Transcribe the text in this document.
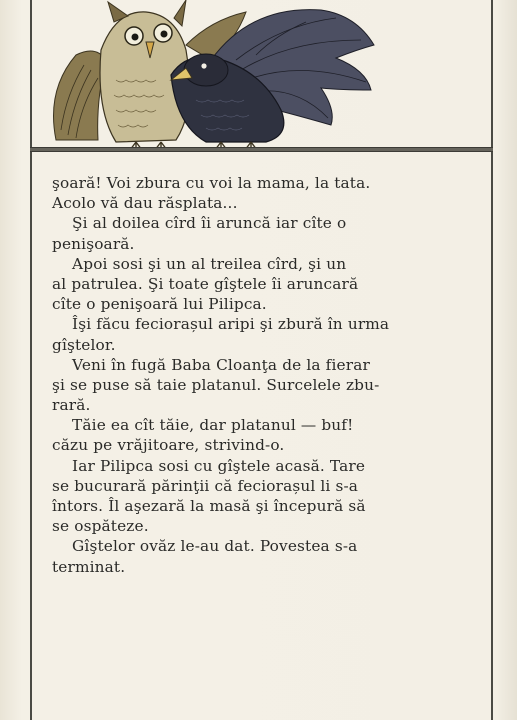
şoară! Voi zbura cu voi la mama, la tata.
Acolo vă dau răsplata...
Şi al doilea cîrd îi aruncă iar cîte o
penişoară.
Apoi sosi şi un al treilea cîrd, şi un
al patrulea. Şi toate gîştele îi aruncară
cîte o penişoară lui Pilipca.
Îşi făcu feciorașul aripi şi zbură în urma
gîştelor.
Veni în fugă Baba Cloanţa de la fierar
şi se puse să taie platanul. Surcelele zbu-
rară.
Tăie ea cît tăie, dar platanul — buf!
căzu pe vrăjitoare, strivind-o.
Iar Pilipca sosi cu gîştele acasă. Tare
se bucurară părinţii că feciorașul li s-a
întors. Îl aşezară la masă şi începură să
se ospăteze.
Gîştelor ovăz le-au dat. Povestea s-a
terminat.
